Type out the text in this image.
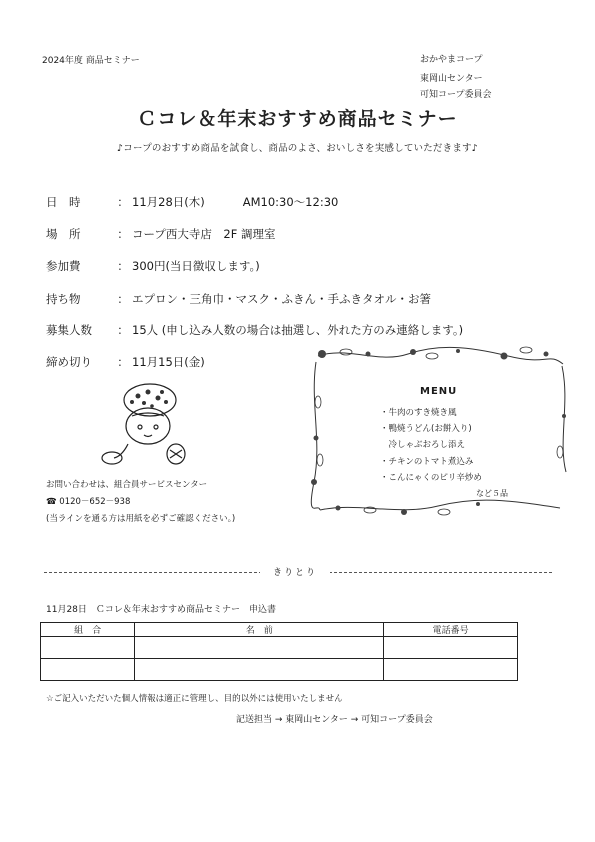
2024年度 商品セミナー	おかやまコープ
東岡山センター
可知コープ委員会
Ｃコレ＆年末おすすめ商品セミナー
♪コープのおすすめ商品を試食し、商品のよさ、おいしさを実感していただきます♪
日　時	： 11月28日(木)	AM10:30～12:30
場　所	： コープ西大寺店　2F 調理室
参加費	： 300円(当日徴収します。)
持ち物	： エプロン・三角巾・マスク・ふきん・手ふきタオル・お箸
募集人数	： 15人 (申し込み人数の場合は抽選し、外れた方のみ連絡します。)
締め切り	： 11月15日(金)
MENU
・牛肉のすき焼き風
・鴨焼うどん(お餅入り)
　冷しゃぶおろし添え
・チキンのトマト煮込み
・こんにゃくのピリ辛炒め
など５品
お問い合わせは、組合員サービスセンター
☎ 0120－652－938
(当ラインを通る方は用紙を必ずご確認ください。)
きりとり
11月28日　Ｃコレ＆年末おすすめ商品セミナー　申込書
組　合	名　前	電話番号

☆ご記入いただいた個人情報は適正に管理し、目的以外には使用いたしません
記送担当 → 東岡山センター → 可知コープ委員会
